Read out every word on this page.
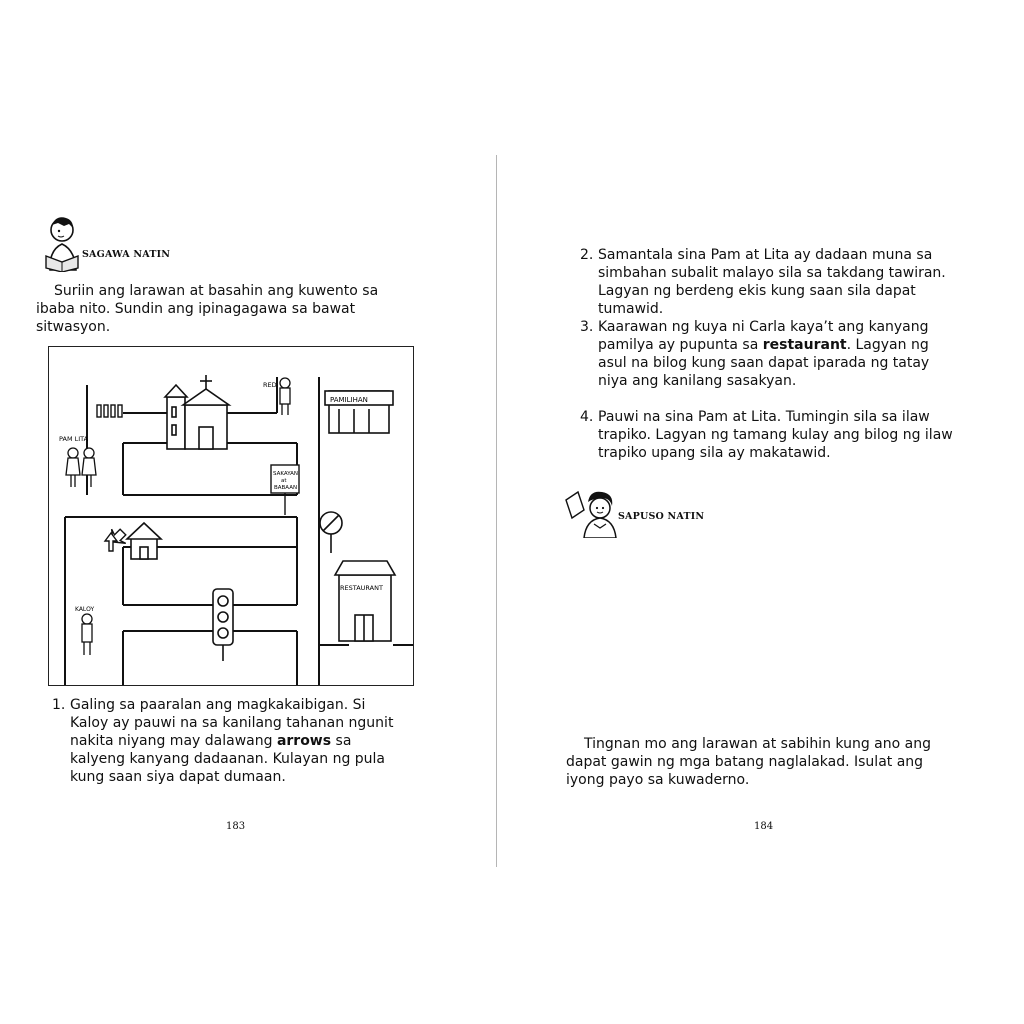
SAGAWA NATIN

Suriin ang larawan at basahin ang kuwento sa ibaba nito. Sundin ang ipinagagawa sa bawat sitwasyon.

PAMILIHAN
RED
PAM LITA
SAKAYAN
at
BABAAN
RESTAURANT
KALOY
1. Galing sa paaralan ang magkakaibigan. Si Kaloy ay pauwi na sa kanilang tahanan ngunit nakita niyang may dalawang arrows sa kalyeng kanyang dadaanan. Kulayan ng pula kung saan siya dapat dumaan.
183
2. Samantala sina Pam at Lita ay dadaan muna sa simbahan subalit malayo sila sa takdang tawiran. Lagyan ng berdeng ekis kung saan sila dapat tumawid.
3. Kaarawan ng kuya ni Carla kaya’t ang kanyang pamilya ay pupunta sa restaurant. Lagyan ng asul na bilog kung saan dapat iparada ng tatay niya ang kanilang sasakyan.
4. Pauwi na sina Pam at Lita. Tumingin sila sa ilaw trapiko. Lagyan ng tamang kulay ang bilog ng ilaw trapiko upang sila ay makatawid.
SAPUSO NATIN

Tingnan mo ang larawan at sabihin kung ano ang dapat gawin ng mga batang naglalakad. Isulat ang iyong payo sa kuwaderno.

184
